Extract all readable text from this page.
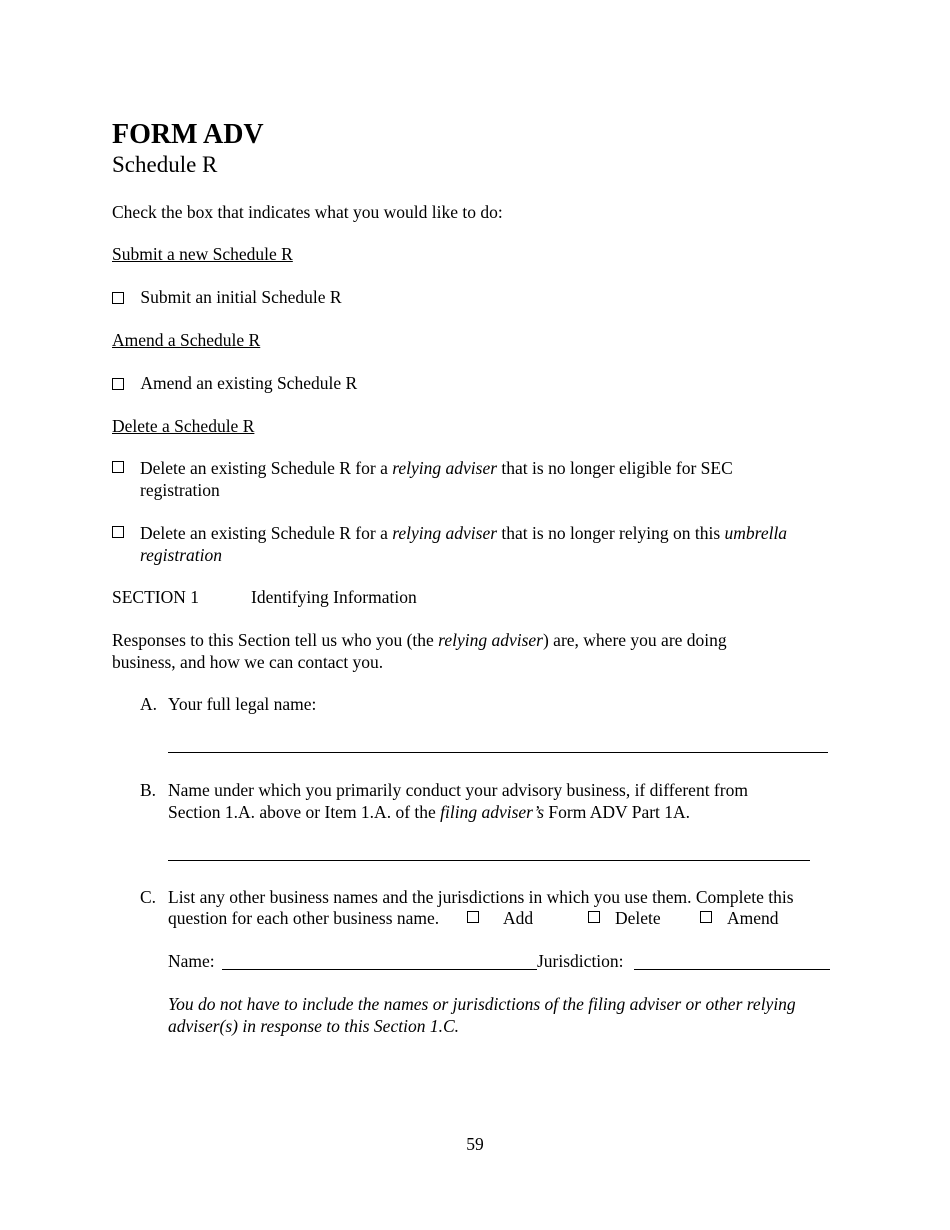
FORM ADV
Schedule R
Check the box that indicates what you would like to do:
Submit a new Schedule R
Submit an initial Schedule R
Amend a Schedule R
Amend an existing Schedule R
Delete a Schedule R
Delete an existing Schedule R for a relying adviser that is no longer eligible for SEC
registration
Delete an existing Schedule R for a relying adviser that is no longer relying on this umbrella
registration
SECTION 1	Identifying Information
Responses to this Section tell us who you (the relying adviser) are, where you are doing
business, and how we can contact you.
A. Your full legal name:
B. Name under which you primarily conduct your advisory business, if different from
Section 1.A. above or Item 1.A. of the filing adviser’s Form ADV Part 1A.
C. List any other business names and the jurisdictions in which you use them. Complete this
question for each other business name.	Add	Delete	Amend
Name:	Jurisdiction:
You do not have to include the names or jurisdictions of the filing adviser or other relying
adviser(s) in response to this Section 1.C.
59
